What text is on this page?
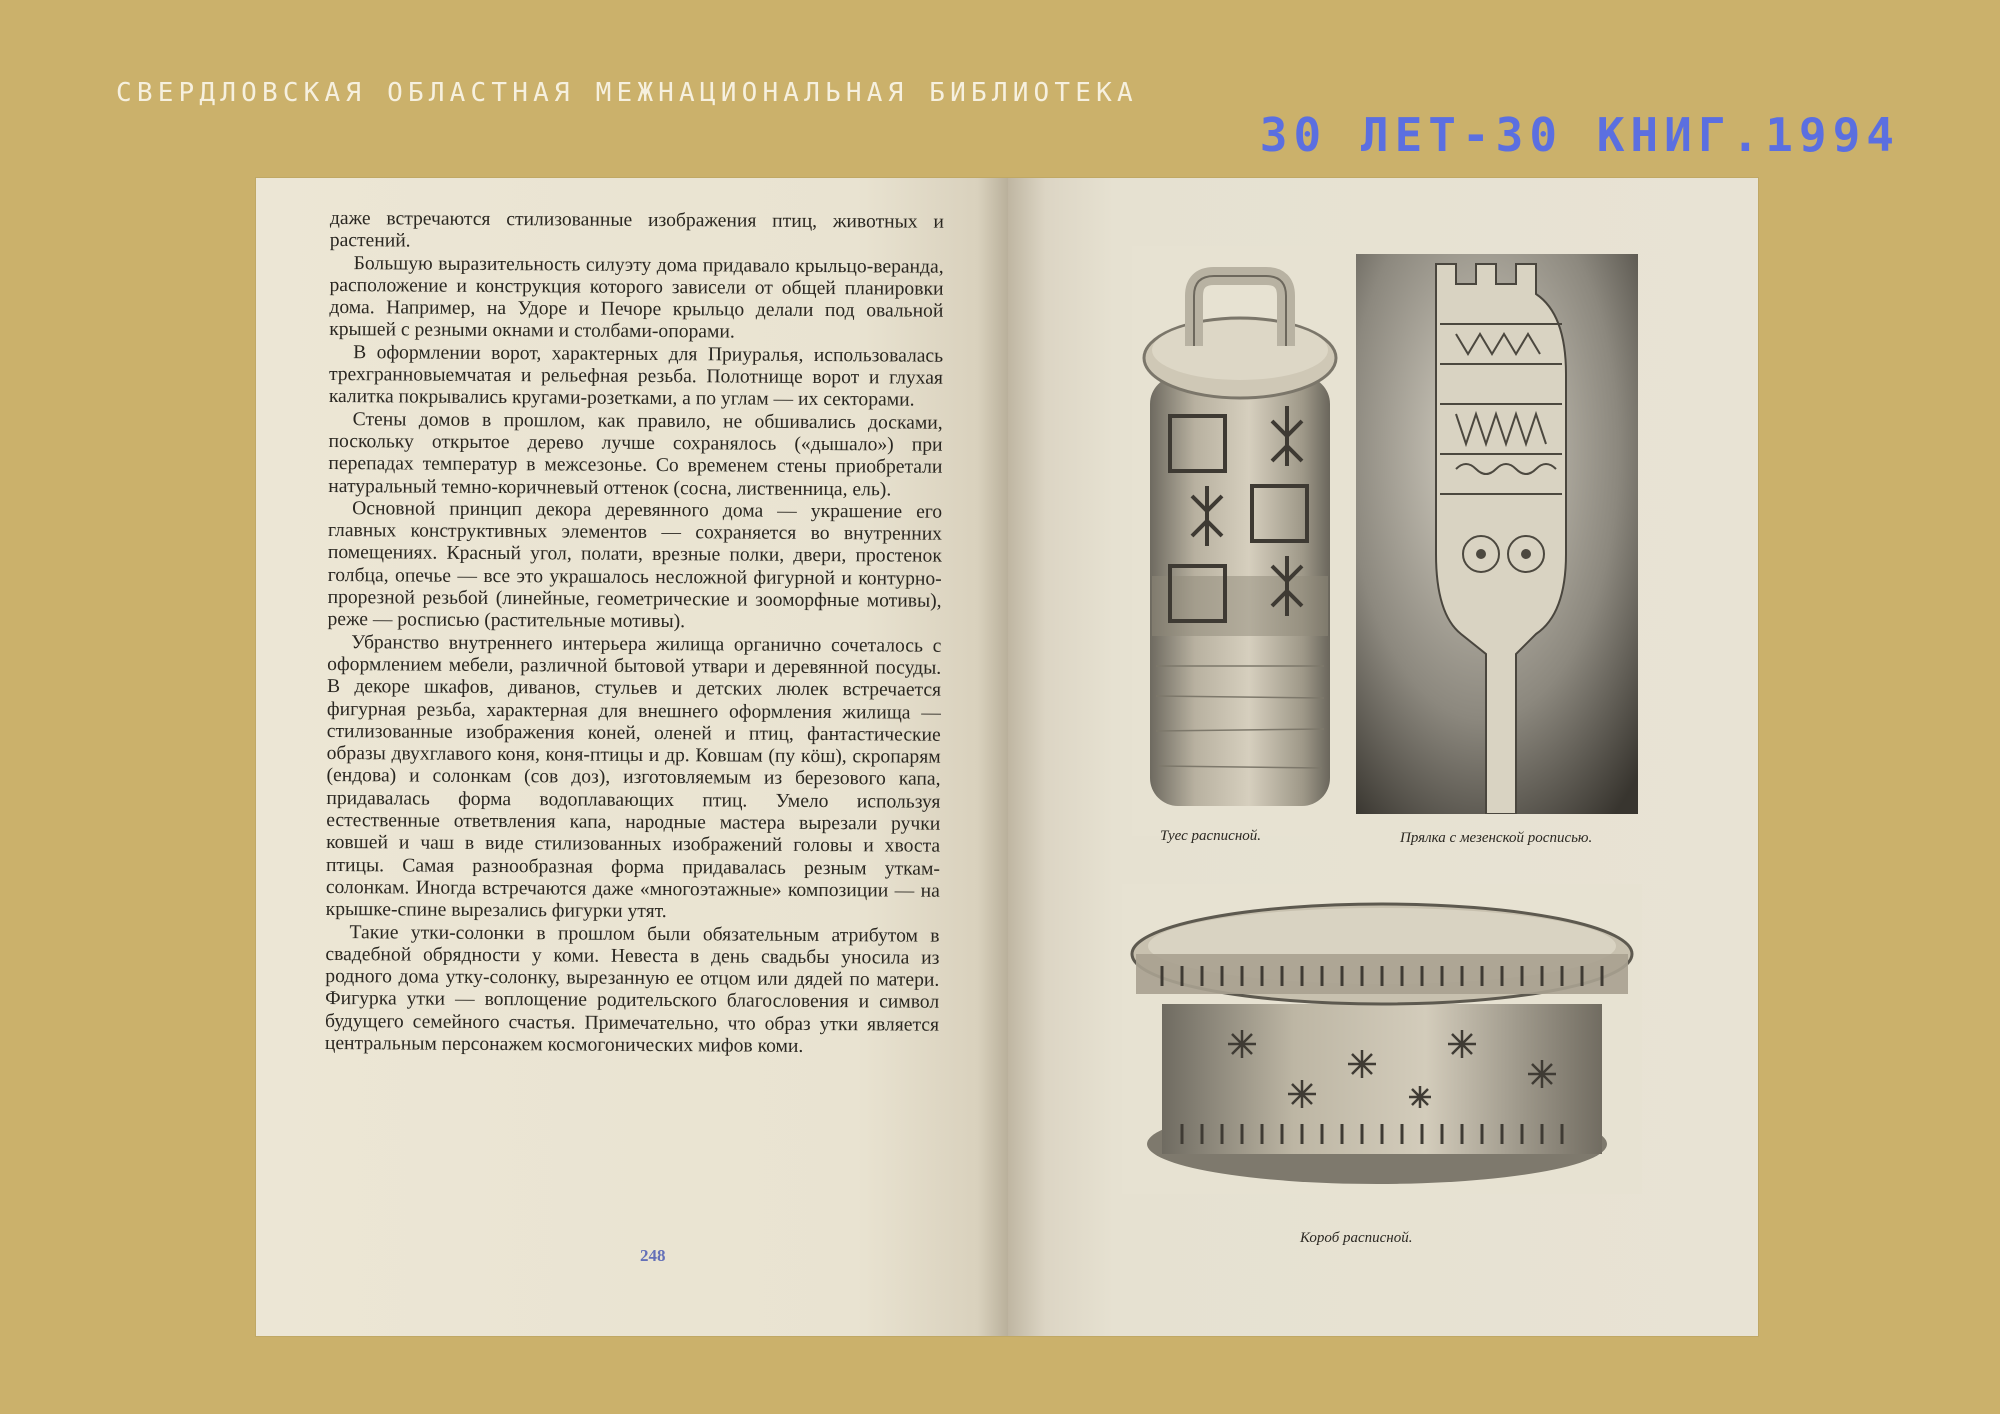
СВЕРДЛОВСКАЯ ОБЛАСТНАЯ МЕЖНАЦИОНАЛЬНАЯ БИБЛИОТЕКА
30 ЛЕТ-30 КНИГ.1994

даже встречаются стилизованные изображения птиц, животных и растений.

Большую выразительность силуэту дома придавало крыльцо-веранда, расположение и конструкция которого зависели от общей планировки дома. Например, на Удоре и Печоре крыльцо делали под овальной крышей с резными окнами и столбами-опорами.

В оформлении ворот, характерных для Приуралья, использовалась трехгранновыемчатая и рельефная резьба. Полотнище ворот и глухая калитка покрывались кругами-розетками, а по углам — их секторами.

Стены домов в прошлом, как правило, не обшивались досками, поскольку открытое дерево лучше сохранялось («дышало») при перепадах температур в межсезонье. Со временем стены приобретали натуральный темно-коричневый оттенок (сосна, лиственница, ель).

Основной принцип декора деревянного дома — украшение его главных конструктивных элементов — сохраняется во внутренних помещениях. Красный угол, полати, врезные полки, двери, простенок голбца, опечье — все это украшалось несложной фигурной и контурно-прорезной резьбой (линейные, геометрические и зооморфные мотивы), реже — росписью (растительные мотивы).

Убранство внутреннего интерьера жилища органично сочеталось с оформлением мебели, различной бытовой утвари и деревянной посуды. В декоре шкафов, диванов, стульев и детских люлек встречается фигурная резьба, характерная для внешнего оформления жилища — стилизованные изображения коней, оленей и птиц, фантастические образы двухглавого коня, коня-птицы и др. Ковшам (пу кӧш), скропарям (ендова) и солонкам (сов доз), изготовляемым из березового капа, придавалась форма водоплавающих птиц. Умело используя естественные ответвления капа, народные мастера вырезали ручки ковшей и чаш в виде стилизованных изображений головы и хвоста птицы. Самая разнообразная форма придавалась резным уткам-солонкам. Иногда встречаются даже «многоэтажные» композиции — на крышке-спине вырезались фигурки утят.

Такие утки-солонки в прошлом были обязательным атрибутом в свадебной обрядности у коми. Невеста в день свадьбы уносила из родного дома утку-солонку, вырезанную ее отцом или дядей по матери. Фигурка утки — воплощение родительского благословения и символ будущего семейного счастья. Примечательно, что образ утки является центральным персонажем космогонических мифов коми.

248
Туес расписной.	Прялка с мезенской росписью.
Короб расписной.
